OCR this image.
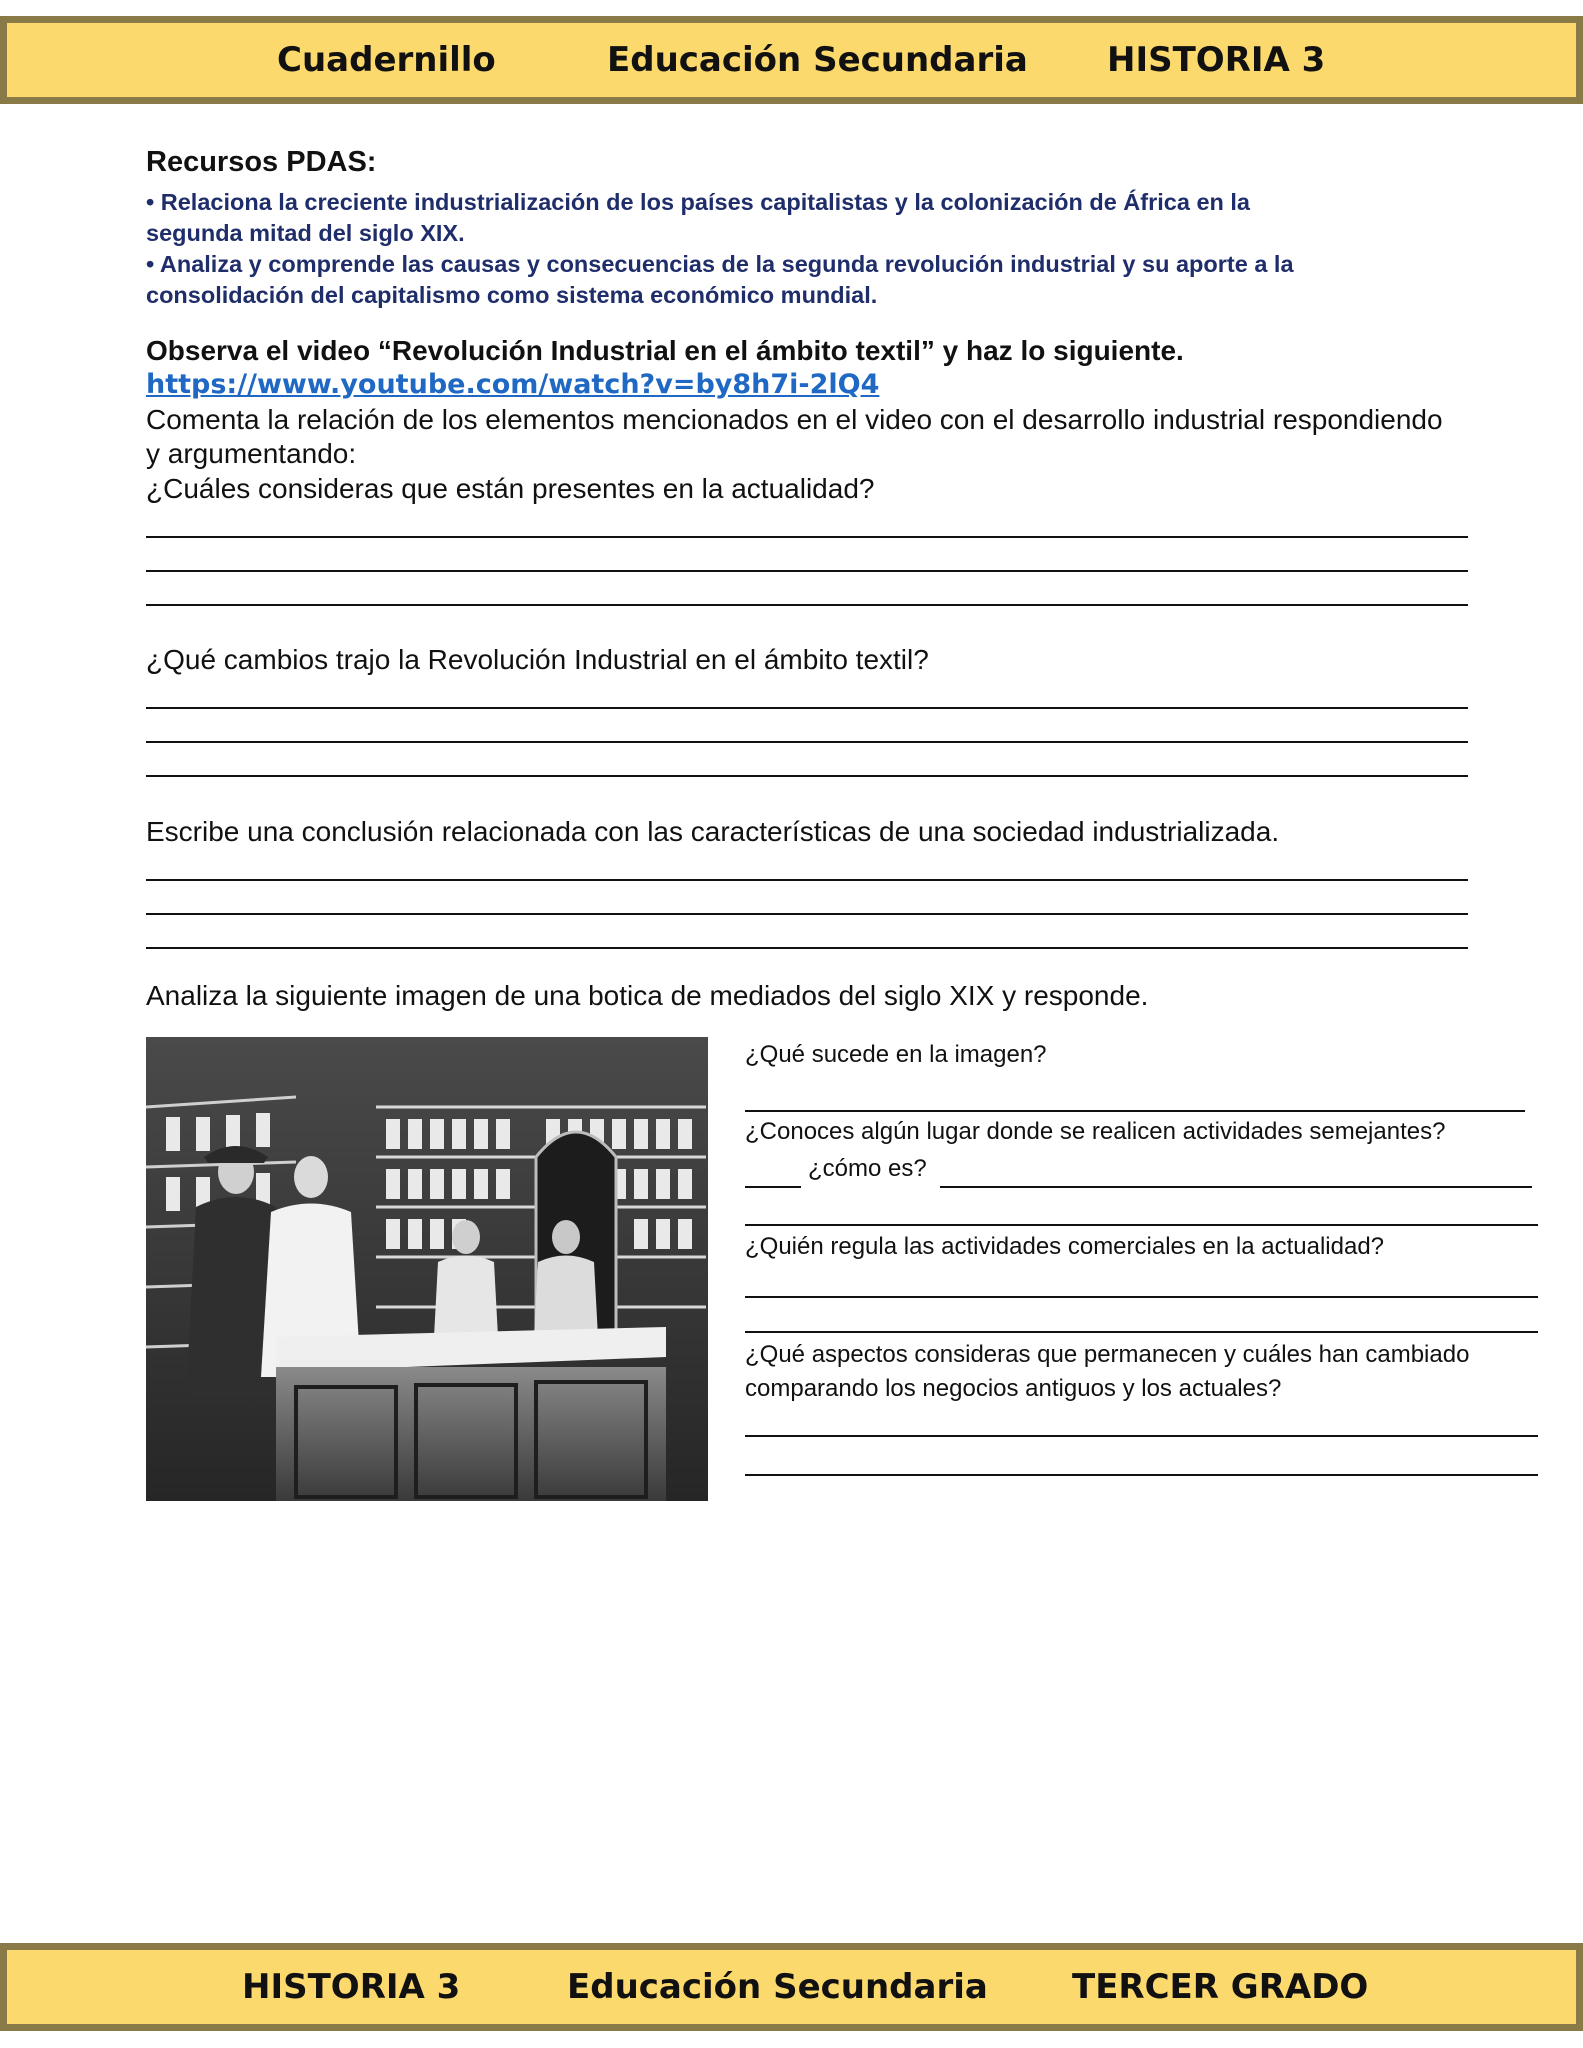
Cuadernillo	Educación Secundaria HISTORIA 3
Recursos PDAS:
• Relaciona la creciente industrialización de los países capitalistas y la colonización de África en la
segunda mitad del siglo XIX.
• Analiza y comprende las causas y consecuencias de la segunda revolución industrial y su aporte a la
consolidación del capitalismo como sistema económico mundial.
Observa el video “Revolución Industrial en el ámbito textil” y haz lo siguiente.
https://www.youtube.com/watch?v=by8h7i-2lQ4
Comenta la relación de los elementos mencionados en el video con el desarrollo industrial respondiendo
y argumentando:
¿Cuáles consideras que están presentes en la actualidad?
¿Qué cambios trajo la Revolución Industrial en el ámbito textil?
Escribe una conclusión relacionada con las características de una sociedad industrializada.
Analiza la siguiente imagen de una botica de mediados del siglo XIX y responde.
¿Qué sucede en la imagen?
¿Conoces algún lugar donde se realicen actividades semejantes?
¿cómo es?
¿Quién regula las actividades comerciales en la actualidad?
¿Qué aspectos consideras que permanecen y cuáles han cambiado
comparando los negocios antiguos y los actuales?
HISTORIA 3	Educación Secundaria TERCER GRADO
